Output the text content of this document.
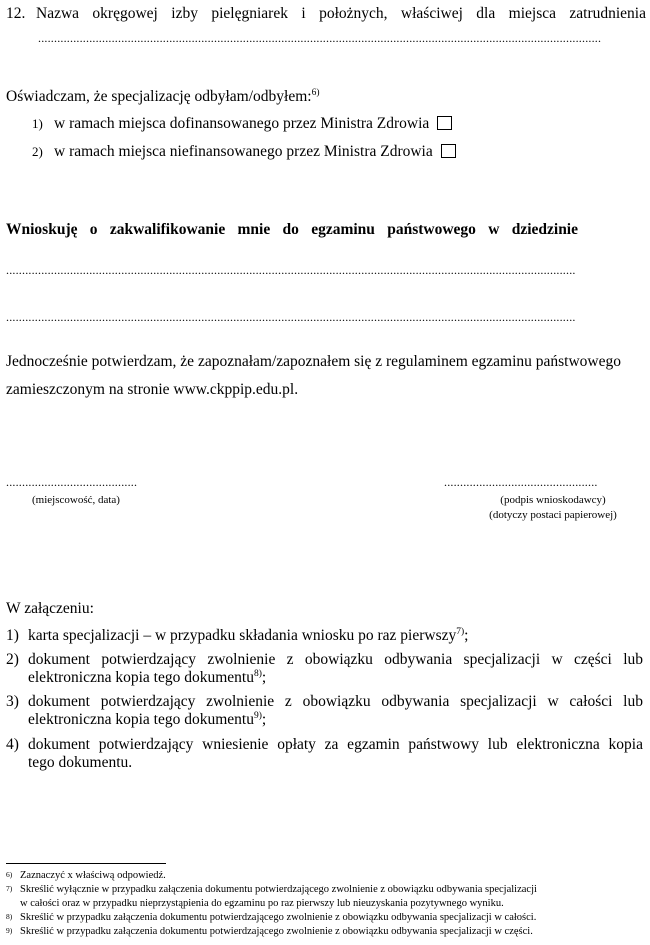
12. Nazwa okręgowej izby pielęgniarek i położnych, właściwej dla miejsca zatrudnienia
................................................................................................................................................................................
Oświadczam, że specjalizację odbyłam/odbyłem:$^{6)}$
1) w ramach miejsca dofinansowanego przez Ministra Zdrowia
2) w ramach miejsca niefinansowanego przez Ministra Zdrowia
Wnioskuję o zakwalifikowanie mnie do egzaminu państwowego w dziedzinie
..................................................................................................................................................................................
..................................................................................................................................................................................
Jednocześnie potwierdzam, że zapoznałam/zapoznałem się z regulaminem egzaminu państwowego
zamieszczonym na stronie www.ckppip.edu.pl.
.........................................
(miejscowość, data)
................................................
(podpis wnioskodawcy)
(dotyczy postaci papierowej)
W załączeniu:
1) karta specjalizacji – w przypadku składania wniosku po raz pierwszy$^{7)}$;
2) dokument potwierdzający zwolnienie z obowiązku odbywania specjalizacji w części lub
elektroniczna kopia tego dokumentu$^{8)}$;
3) dokument potwierdzający zwolnienie z obowiązku odbywania specjalizacji w całości lub
elektroniczna kopia tego dokumentu$^{9)}$;
4) dokument potwierdzający wniesienie opłaty za egzamin państwowy lub elektroniczna kopia
tego dokumentu.
6) Zaznaczyć x właściwą odpowiedź.
7) Skreślić wyłącznie w przypadku załączenia dokumentu potwierdzającego zwolnienie z obowiązku odbywania specjalizacji
w całości oraz w przypadku nieprzystąpienia do egzaminu po raz pierwszy lub nieuzyskania pozytywnego wyniku.
8) Skreślić w przypadku załączenia dokumentu potwierdzającego zwolnienie z obowiązku odbywania specjalizacji w całości.
9) Skreślić w przypadku załączenia dokumentu potwierdzającego zwolnienie z obowiązku odbywania specjalizacji w części.
